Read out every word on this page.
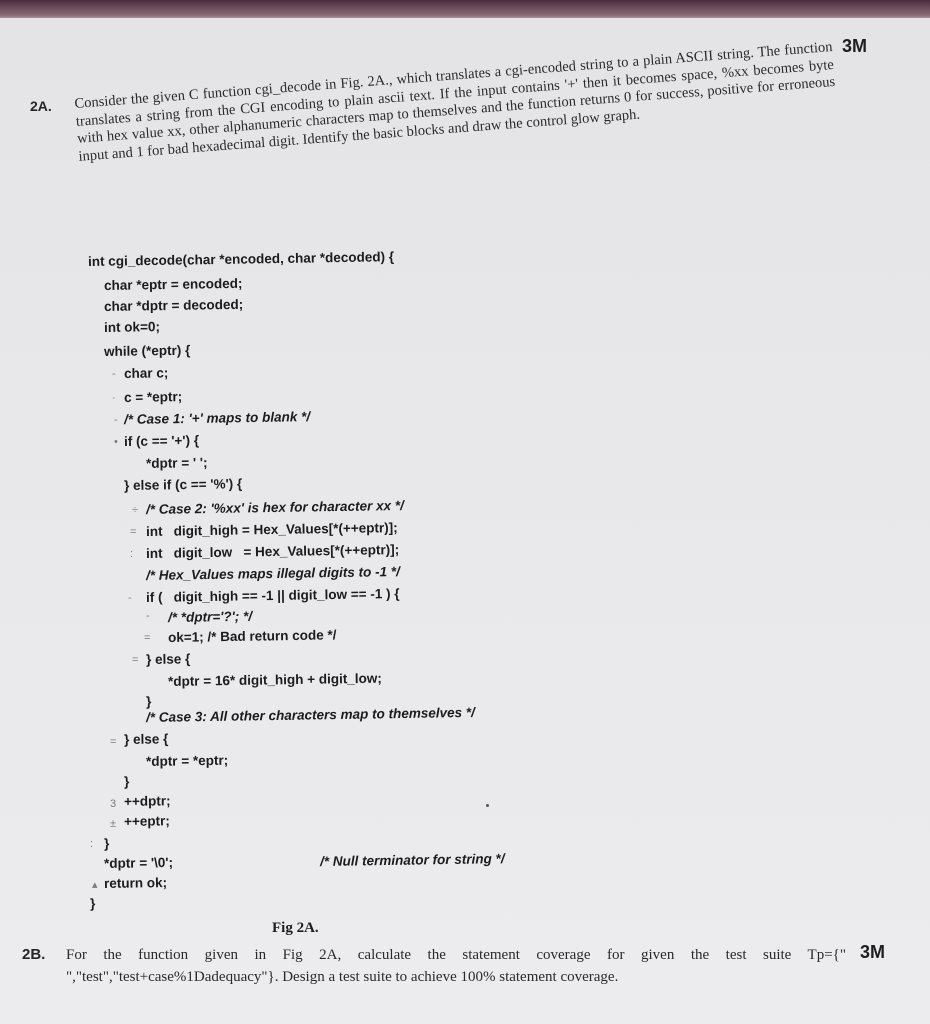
3M
2A. Consider the given C function cgi_decode in Fig. 2A., which translates a cgi-encoded string to a plain ASCII string. The function translates a string from the CGI encoding to plain ascii text. If the input contains '+' then it becomes space, %xx becomes byte with hex value xx, other alphanumeric characters map to themselves and the function returns 0 for success, positive for erroneous input and 1 for bad hexadecimal digit. Identify the basic blocks and draw the control glow graph.

int cgi_decode(char *encoded, char *decoded) {
char *eptr = encoded;
char *dptr = decoded;
int ok=0;
while (*eptr) {
char c;
c = *eptr;
/* Case 1: '+' maps to blank */
if (c == '+') {
*dptr = ' ';
} else if (c == '%') {
/* Case 2: '%xx' is hex for character xx */
int   digit_high = Hex_Values[*(++eptr)];
int   digit_low   = Hex_Values[*(++eptr)];
/* Hex_Values maps illegal digits to -1 */
if (   digit_high == -1 || digit_low == -1 ) {
/* *dptr='?'; */
ok=1; /* Bad return code */
} else {
*dptr = 16* digit_high + digit_low;
}
/* Case 3: All other characters map to themselves */
} else {
*dptr = *eptr;
}
++dptr;
++eptr;
}
*dptr = '\0';	/* Null terminator for string */
return ok;
}
-
·
-
•
÷
=
:
-
-
=
=
=
3
±
:
▴
Fig 2A.
2B.	3M

For the function given in Fig 2A, calculate the statement coverage for given the test suite Tp={" ","test","test+case%1Dadequacy"}. Design a test suite to achieve 100% statement coverage.
